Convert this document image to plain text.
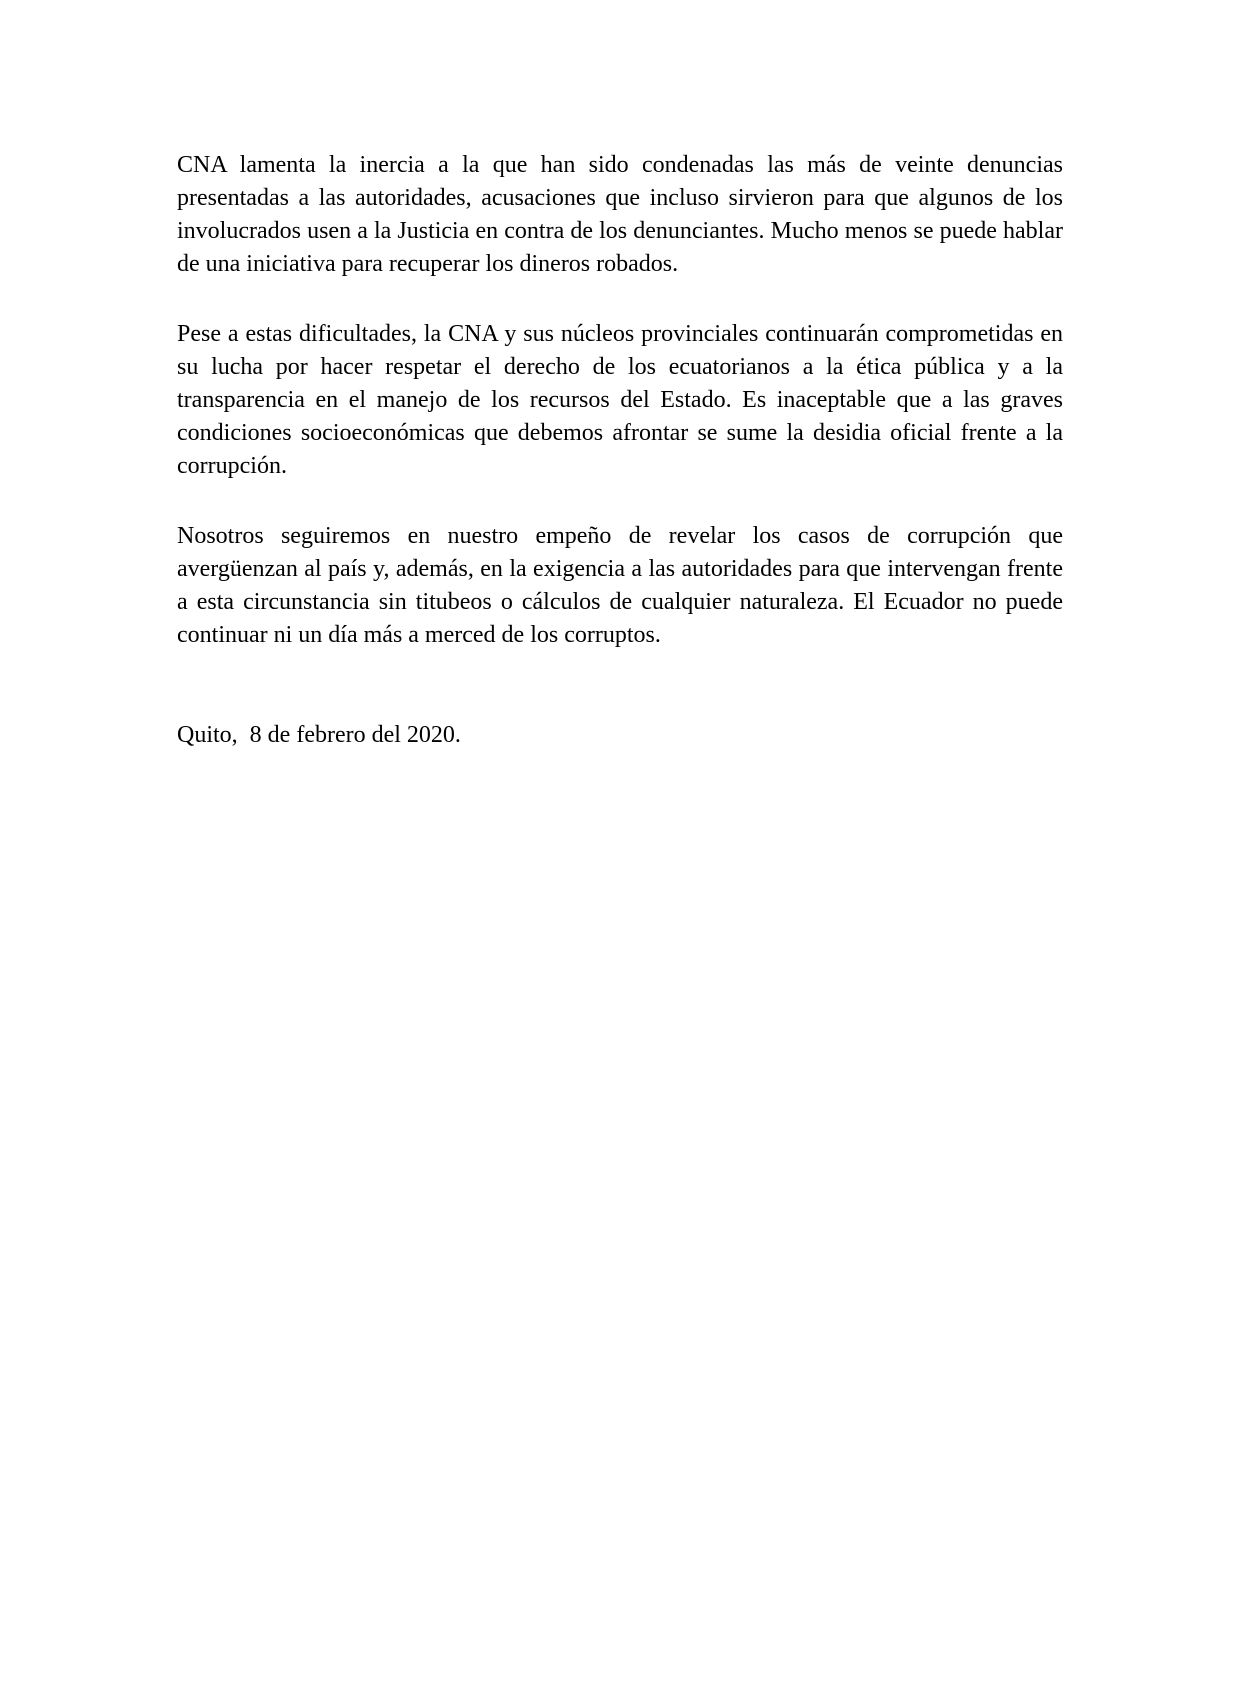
CNA lamenta la inercia a la que han sido condenadas las más de veinte denuncias presentadas a las autoridades, acusaciones que incluso sirvieron para que algunos de los involucrados usen a la Justicia en contra de los denunciantes. Mucho menos se puede hablar de una iniciativa para recuperar los dineros robados.

Pese a estas dificultades, la CNA y sus núcleos provinciales continuarán comprometidas en su lucha por hacer respetar el derecho de los ecuatorianos a la ética pública y a la transparencia en el manejo de los recursos del Estado. Es inaceptable que a las graves condiciones socioeconómicas que debemos afrontar se sume la desidia oficial frente a la corrupción.

Nosotros seguiremos en nuestro empeño de revelar los casos de corrupción que avergüenzan al país y, además, en la exigencia a las autoridades para que intervengan frente a esta circunstancia sin titubeos o cálculos de cualquier naturaleza. El Ecuador no puede continuar ni un día más a merced de los corruptos.

Quito,  8 de febrero del 2020.
